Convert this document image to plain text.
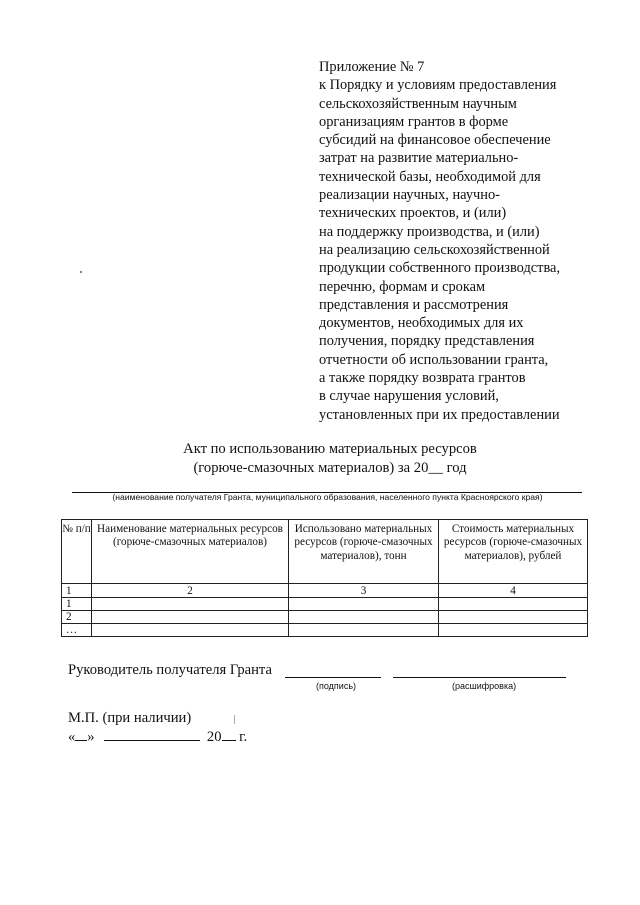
Приложение № 7
к Порядку и условиям предоставления
сельскохозяйственным научным
организациям грантов в форме
субсидий на финансовое обеспечение
затрат на развитие материально-
технической базы, необходимой для
реализации научных, научно-
технических проектов, и (или)
на поддержку производства, и (или)
на реализацию сельскохозяйственной
продукции собственного производства,
перечню, формам и срокам
представления и рассмотрения
документов, необходимых для их
получения, порядку представления
отчетности об использовании гранта,
а также порядку возврата грантов
в случае нарушения условий,
установленных при их предоставлении
Акт по использованию материальных ресурсов
(горюче-смазочных материалов) за 20__ год
(наименование получателя Гранта, муниципального образования, населенного пункта Красноярского края)
№ п/п	Наименование материальных ресурсов (горюче-смазочных материалов)	Использовано материальных ресурсов (горюче-смазочных материалов), тонн	Стоимость материальных ресурсов (горюче-смазочных материалов), рублей
1	2	3	4
1			
2			
…			
Руководитель получателя Гранта
(подпись)	(расшифровка)
М.П. (при наличии)
« »	20 г.
